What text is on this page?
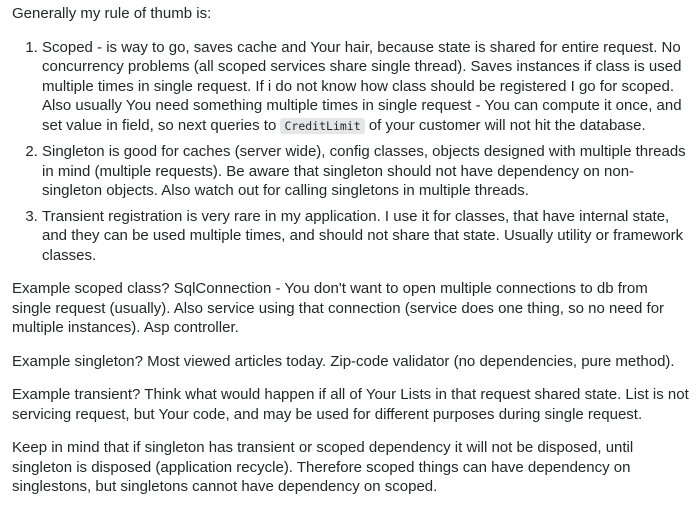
Generally my rule of thumb is:

1. Scoped - is way to go, saves cache and Your hair, because state is shared for entire request. No concurrency problems (all scoped services share single thread). Saves instances if class is used multiple times in single request. If i do not know how class should be registered I go for scoped. Also usually You need something multiple times in single request - You can compute it once, and set value in field, so next queries to CreditLimit of your customer will not hit the database.
2. Singleton is good for caches (server wide), config classes, objects designed with multiple threads in mind (multiple requests). Be aware that singleton should not have dependency on non-singleton objects. Also watch out for calling singletons in multiple threads.
3. Transient registration is very rare in my application. I use it for classes, that have internal state, and they can be used multiple times, and should not share that state. Usually utility or framework classes.

Example scoped class? SqlConnection - You don't want to open multiple connections to db from single request (usually). Also service using that connection (service does one thing, so no need for multiple instances). Asp controller.

Example singleton? Most viewed articles today. Zip-code validator (no dependencies, pure method).

Example transient? Think what would happen if all of Your Lists in that request shared state. List is not servicing request, but Your code, and may be used for different purposes during single request.

Keep in mind that if singleton has transient or scoped dependency it will not be disposed, until singleton is disposed (application recycle). Therefore scoped things can have dependency on singlestons, but singletons cannot have dependency on scoped.
